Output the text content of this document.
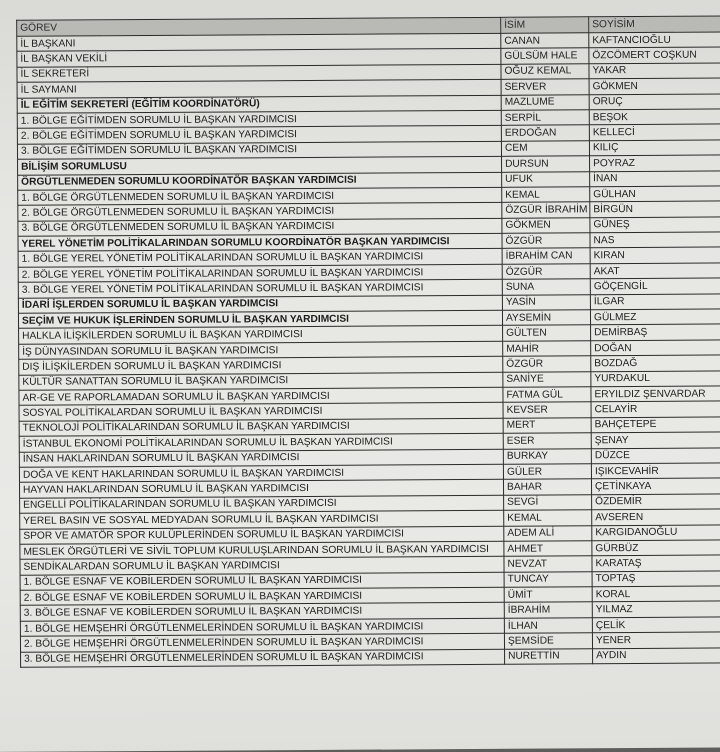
GÖREV	İSİM	SOYİSİM
İL BAŞKANI	CANAN	KAFTANCIOĞLU
İL BAŞKAN VEKİLİ	GÜLSÜM HALE	ÖZCÖMERT COŞKUN
İL SEKRETERİ	OĞUZ KEMAL	YAKAR
İL SAYMANI	SERVER	GÖKMEN
İL EĞİTİM SEKRETERİ (EĞİTİM KOORDİNATÖRÜ)	MAZLUME	ORUÇ
1. BÖLGE EĞİTİMDEN SORUMLU İL BAŞKAN YARDIMCISI	SERPİL	BEŞOK
2. BÖLGE EĞİTİMDEN SORUMLU İL BAŞKAN YARDIMCISI	ERDOĞAN	KELLECİ
3. BÖLGE EĞİTİMDEN SORUMLU İL BAŞKAN YARDIMCISI	CEM	KILIÇ
BİLİŞİM SORUMLUSU	DURSUN	POYRAZ
ÖRGÜTLENMEDEN SORUMLU KOORDİNATÖR BAŞKAN YARDIMCISI	UFUK	İNAN
1. BÖLGE ÖRGÜTLENMEDEN SORUMLU İL BAŞKAN YARDIMCISI	KEMAL	GÜLHAN
2. BÖLGE ÖRGÜTLENMEDEN SORUMLU İL BAŞKAN YARDIMCISI	ÖZGÜR İBRAHİM	BİRGÜN
3. BÖLGE ÖRGÜTLENMEDEN SORUMLU İL BAŞKAN YARDIMCISI	GÖKMEN	GÜNEŞ
YEREL YÖNETİM POLİTİKALARINDAN SORUMLU KOORDİNATÖR BAŞKAN YARDIMCISI	ÖZGÜR	NAS
1. BÖLGE YEREL YÖNETİM POLİTİKALARINDAN SORUMLU İL BAŞKAN YARDIMCISI	İBRAHİM CAN	KIRAN
2. BÖLGE YEREL YÖNETİM POLİTİKALARINDAN SORUMLU İL BAŞKAN YARDIMCISI	ÖZGÜR	AKAT
3. BÖLGE YEREL YÖNETİM POLİTİKALARINDAN SORUMLU İL BAŞKAN YARDIMCISI	SUNA	GÖÇENGİL
İDARİ İŞLERDEN SORUMLU İL BAŞKAN YARDIMCISI	YASİN	İLGAR
SEÇİM VE HUKUK İŞLERİNDEN SORUMLU İL BAŞKAN YARDIMCISI	AYSEMİN	GÜLMEZ
HALKLA İLİŞKİLERDEN SORUMLU İL BAŞKAN YARDIMCISI	GÜLTEN	DEMİRBAŞ
İŞ DÜNYASINDAN SORUMLU İL BAŞKAN YARDIMCISI	MAHİR	DOĞAN
DIŞ İLİŞKİLERDEN SORUMLU İL BAŞKAN YARDIMCISI	ÖZGÜR	BOZDAĞ
KÜLTÜR SANATTAN SORUMLU İL BAŞKAN YARDIMCISI	SANİYE	YURDAKUL
AR-GE VE RAPORLAMADAN SORUMLU İL BAŞKAN YARDIMCISI	FATMA GÜL	ERYILDIZ ŞENVARDAR
SOSYAL POLİTİKALARDAN SORUMLU İL BAŞKAN YARDIMCISI	KEVSER	CELAYİR
TEKNOLOJİ POLİTİKALARINDAN SORUMLU İL BAŞKAN YARDIMCISI	MERT	BAHÇETEPE
İSTANBUL EKONOMİ POLİTİKALARINDAN SORUMLU İL BAŞKAN YARDIMCISI	ESER	ŞENAY
İNSAN HAKLARINDAN SORUMLU İL BAŞKAN YARDIMCISI	BURKAY	DÜZCE
DOĞA VE KENT HAKLARINDAN SORUMLU İL BAŞKAN YARDIMCISI	GÜLER	IŞIKCEVAHİR
HAYVAN HAKLARINDAN SORUMLU İL BAŞKAN YARDIMCISI	BAHAR	ÇETİNKAYA
ENGELLİ POLİTİKALARINDAN SORUMLU İL BAŞKAN YARDIMCISI	SEVGİ	ÖZDEMİR
YEREL BASIN VE SOSYAL MEDYADAN SORUMLU İL BAŞKAN YARDIMCISI	KEMAL	AVSEREN
SPOR VE AMATÖR SPOR KULÜPLERİNDEN SORUMLU İL BAŞKAN YARDIMCISI	ADEM ALİ	KARGIDANOĞLU
MESLEK ÖRGÜTLERİ VE SİVİL TOPLUM KURULUŞLARINDAN SORUMLU İL BAŞKAN YARDIMCISI	AHMET	GÜRBÜZ
SENDİKALARDAN SORUMLU İL BAŞKAN YARDIMCISI	NEVZAT	KARATAŞ
1. BÖLGE ESNAF VE KOBİLERDEN SORUMLU İL BAŞKAN YARDIMCISI	TUNCAY	TOPTAŞ
2. BÖLGE ESNAF VE KOBİLERDEN SORUMLU İL BAŞKAN YARDIMCISI	ÜMİT	KORAL
3. BÖLGE ESNAF VE KOBİLERDEN SORUMLU İL BAŞKAN YARDIMCISI	İBRAHİM	YILMAZ
1. BÖLGE HEMŞEHRİ ÖRGÜTLENMELERİNDEN SORUMLU İL BAŞKAN YARDIMCISI	İLHAN	ÇELİK
2. BÖLGE HEMŞEHRİ ÖRGÜTLENMELERİNDEN SORUMLU İL BAŞKAN YARDIMCISI	ŞEMSİDE	YENER
3. BÖLGE HEMŞEHRİ ÖRGÜTLENMELERİNDEN SORUMLU İL BAŞKAN YARDIMCISI	NURETTİN	AYDIN
